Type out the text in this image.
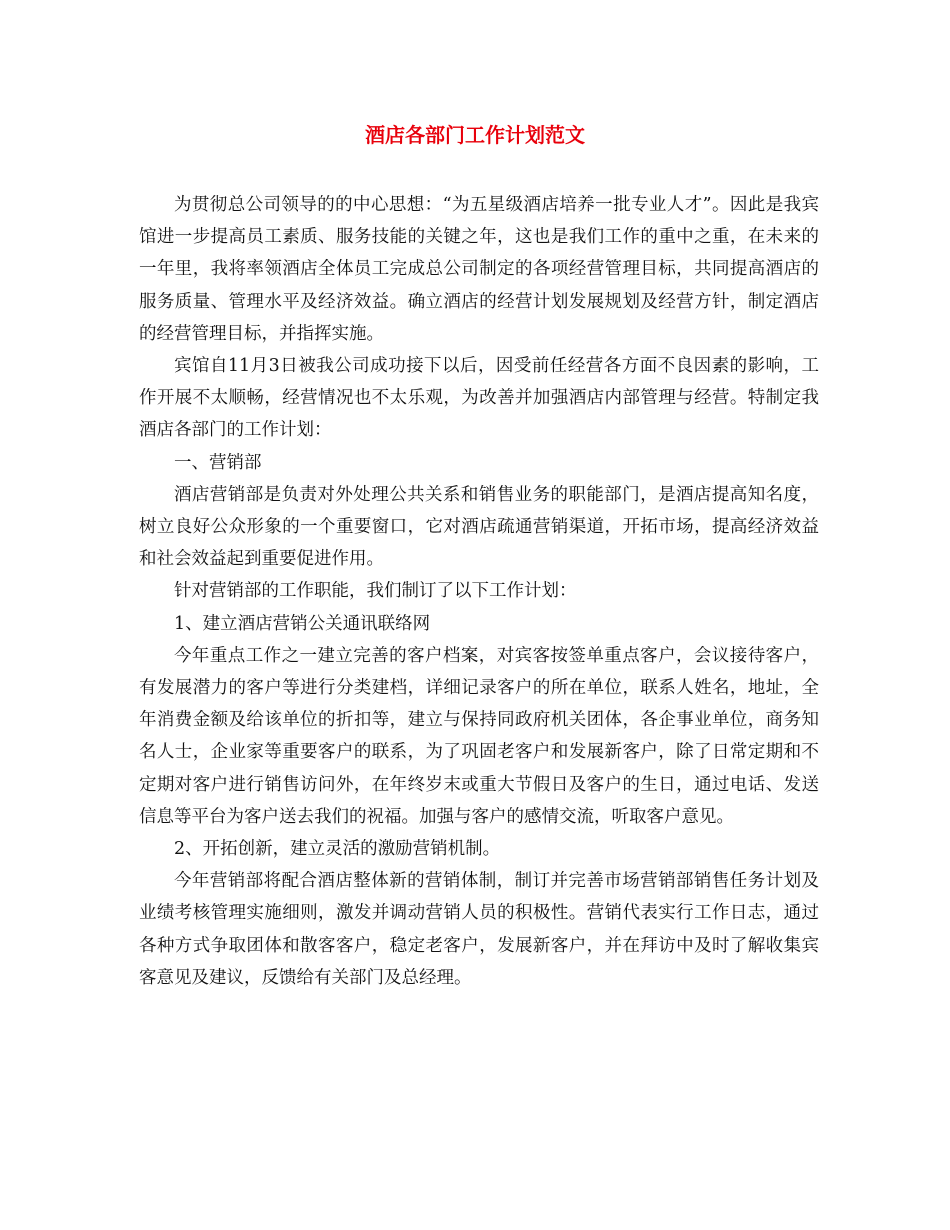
酒店各部门工作计划范文

为贯彻总公司领导的的中心思想：“为五星级酒店培养一批专业人才”。因此是我宾馆进一步提高员工素质、服务技能的关键之年，这也是我们工作的重中之重，在未来的一年里，我将率领酒店全体员工完成总公司制定的各项经营管理目标，共同提高酒店的服务质量、管理水平及经济效益。确立酒店的经营计划发展规划及经营方针，制定酒店的经营管理目标，并指挥实施。

宾馆自11月3日被我公司成功接下以后，因受前任经营各方面不良因素的影响，工作开展不太顺畅，经营情况也不太乐观，为改善并加强酒店内部管理与经营。特制定我酒店各部门的工作计划：

一、营销部

酒店营销部是负责对外处理公共关系和销售业务的职能部门，是酒店提高知名度，树立良好公众形象的一个重要窗口，它对酒店疏通营销渠道，开拓市场，提高经济效益和社会效益起到重要促进作用。

针对营销部的工作职能，我们制订了以下工作计划：

1、建立酒店营销公关通讯联络网

今年重点工作之一建立完善的客户档案，对宾客按签单重点客户，会议接待客户，有发展潜力的客户等进行分类建档，详细记录客户的所在单位，联系人姓名，地址，全年消费金额及给该单位的折扣等，建立与保持同政府机关团体，各企事业单位，商务知名人士，企业家等重要客户的联系，为了巩固老客户和发展新客户，除了日常定期和不定期对客户进行销售访问外，在年终岁末或重大节假日及客户的生日，通过电话、发送信息等平台为客户送去我们的祝福。加强与客户的感情交流，听取客户意见。

2、开拓创新，建立灵活的激励营销机制。

今年营销部将配合酒店整体新的营销体制，制订并完善市场营销部销售任务计划及业绩考核管理实施细则，激发并调动营销人员的积极性。营销代表实行工作日志，通过各种方式争取团体和散客客户，稳定老客户，发展新客户，并在拜访中及时了解收集宾客意见及建议，反馈给有关部门及总经理。
